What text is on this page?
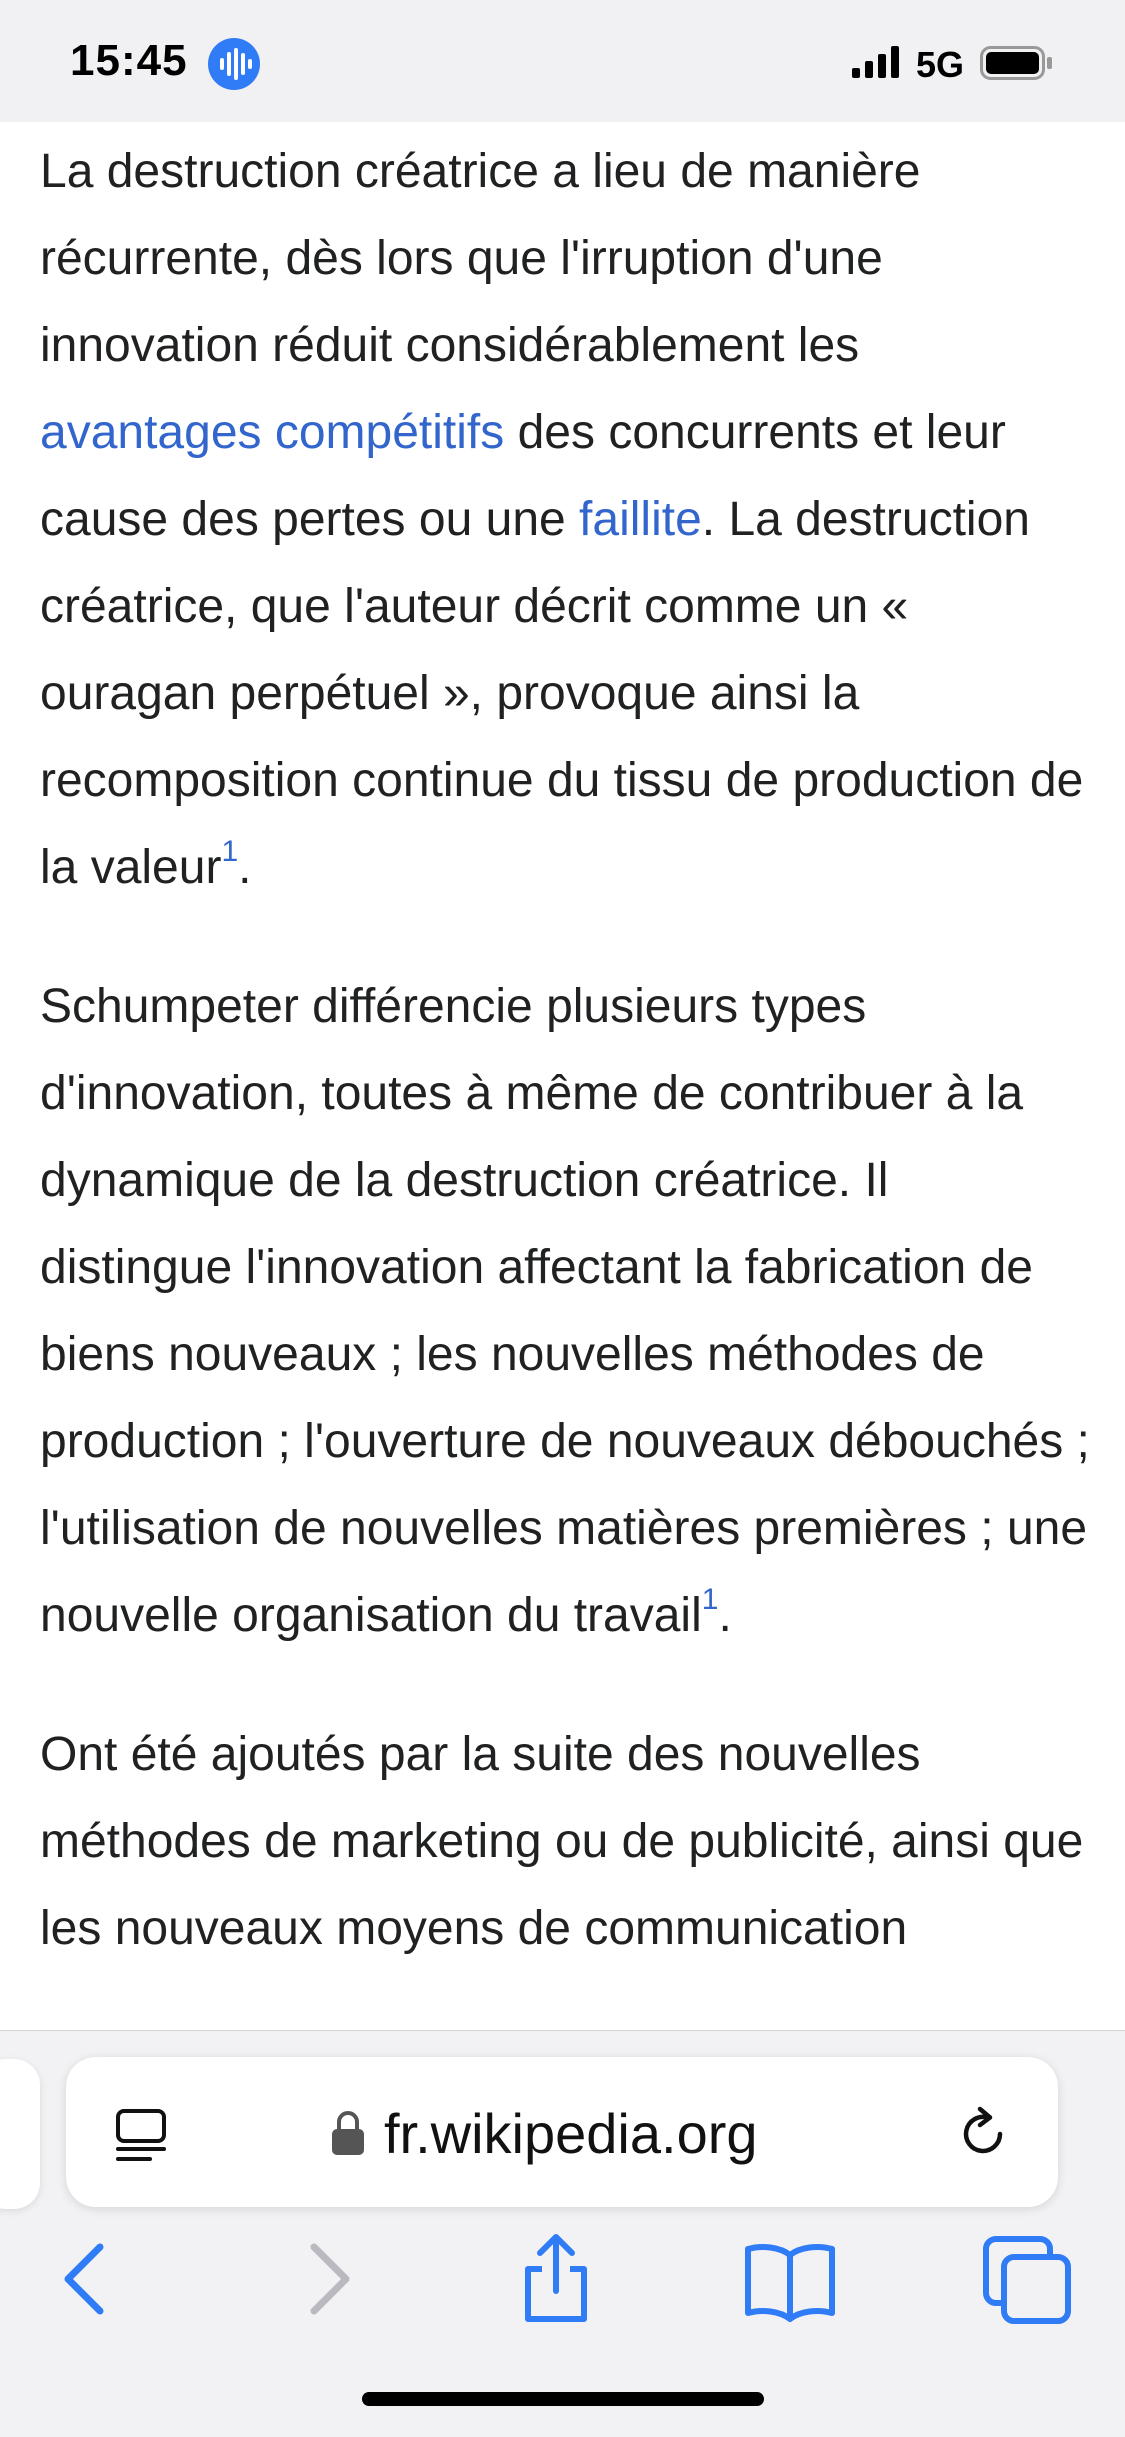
15:45	5G

La destruction créatrice a lieu de manière récurrente, dès lors que l'irruption d'une innovation réduit considérablement les avantages compétitifs des concurrents et leur cause des pertes ou une faillite. La destruction créatrice, que l'auteur décrit comme un « ouragan perpétuel », provoque ainsi la recomposition continue du tissu de production de la valeur$^1$.

Schumpeter différencie plusieurs types d'innovation, toutes à même de contribuer à la dynamique de la destruction créatrice. Il distingue l'innovation affectant la fabrication de biens nouveaux ; les nouvelles méthodes de production ; l'ouverture de nouveaux débouchés ; l'utilisation de nouvelles matières premières ; une nouvelle organisation du travail$^1$.

Ont été ajoutés par la suite des nouvelles méthodes de marketing ou de publicité, ainsi que les nouveaux moyens de communication

fr.wikipedia.org
